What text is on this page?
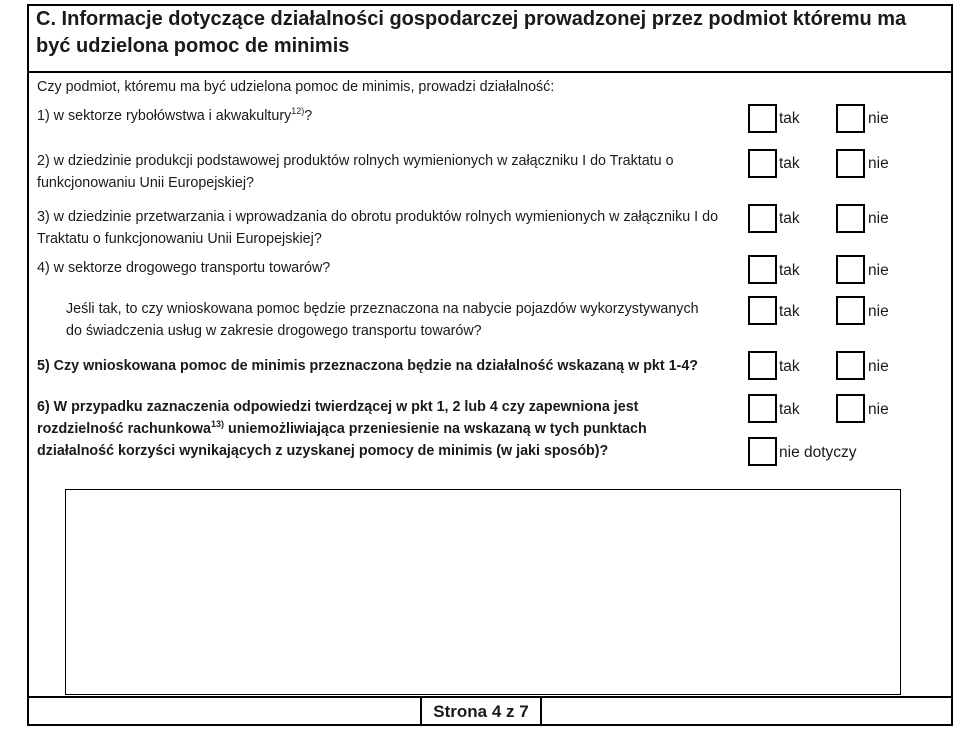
C. Informacje dotyczące działalności gospodarczej prowadzonej przez podmiot któremu ma być udzielona pomoc de minimis
Czy podmiot, któremu ma być udzielona pomoc de minimis, prowadzi działalność:
1) w sektorze rybołówstwa i akwakultury$^{12)}$?	tak	nie
2) w dziedzinie produkcji podstawowej produktów rolnych wymienionych w załączniku I do Traktatu o funkcjonowaniu Unii Europejskiej?
tak	nie
3) w dziedzinie przetwarzania i wprowadzania do obrotu produktów rolnych wymienionych w załączniku I do Traktatu o funkcjonowaniu Unii Europejskiej?
tak	nie
4) w sektorze drogowego transportu towarów?	tak	nie
Jeśli tak, to czy wnioskowana pomoc będzie przeznaczona na nabycie pojazdów wykorzystywanych do świadczenia usług w zakresie drogowego transportu towarów?
tak	nie
5) Czy wnioskowana pomoc de minimis przeznaczona będzie na działalność wskazaną w pkt 1-4?	tak	nie
6) W przypadku zaznaczenia odpowiedzi twierdzącej w pkt 1, 2 lub 4 czy zapewniona jest
rozdzielność rachunkowa$^{13)}$ uniemożliwiająca przeniesienie na wskazaną w tych punktach
działalność korzyści wynikających z uzyskanej pomocy de minimis (w jaki sposób)?
tak	nie
nie dotyczy
Strona 4 z 7
